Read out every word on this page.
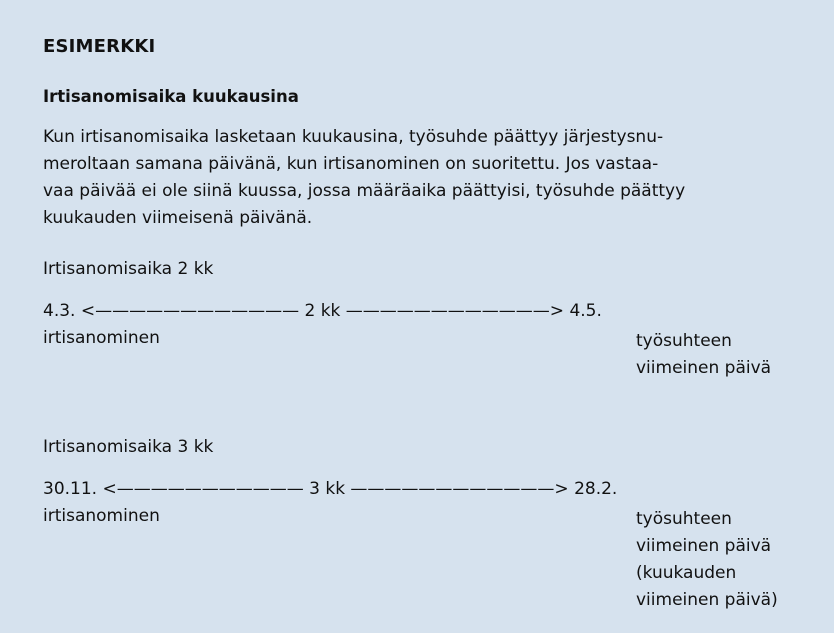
ESIMERKKI
Irtisanomisaika kuukausina

Kun irtisanomisaika lasketaan kuukausina, työsuhde päättyy järjestysnu-
meroltaan samana päivänä, kun irtisanominen on suoritettu. Jos vastaa-
vaa päivää ei ole siinä kuussa, jossa määräaika päättyisi, työsuhde päättyy
kuukauden viimeisenä päivänä.

Irtisanomisaika 2 kk
4.3. <———————————— 2 kk ————————————> 4.5.
irtisanominen	työsuhteen
viimeinen päivä
Irtisanomisaika 3 kk
30.11. <——————————— 3 kk ————————————> 28.2.
irtisanominen	työsuhteen
viimeinen päivä
(kuukauden
viimeinen päivä)
